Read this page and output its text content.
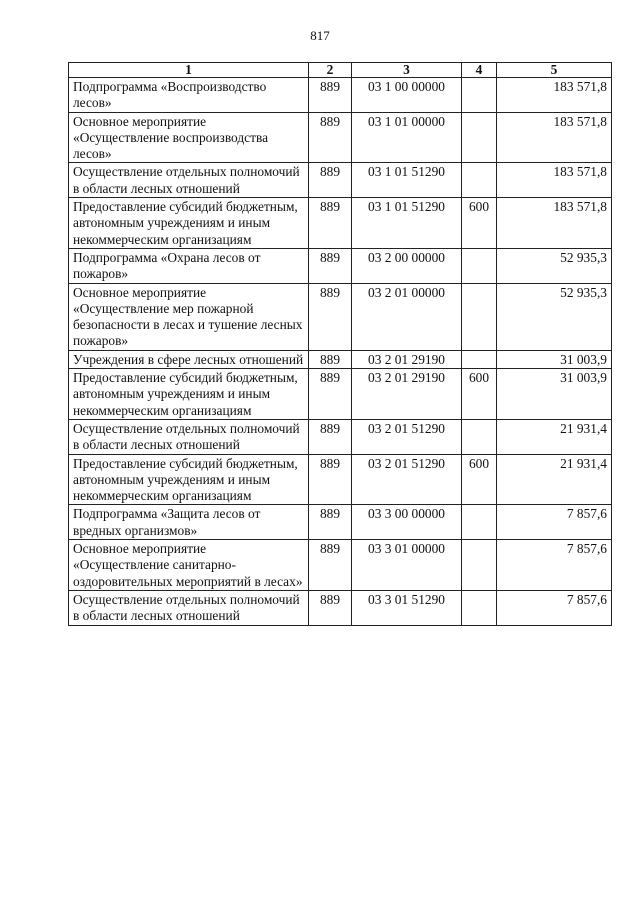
817
1	2	3	4	5
Подпрограмма «Воспроизводство лесов»	889	03 1 00 00000		183 571,8
Основное мероприятие «Осуществление воспроизводства лесов»	889	03 1 01 00000		183 571,8
Осуществление отдельных полномочий в области лесных отношений	889	03 1 01 51290		183 571,8
Предоставление субсидий бюджетным, автономным учреждениям и иным некоммерческим организациям	889	03 1 01 51290	600	183 571,8
Подпрограмма «Охрана лесов от пожаров»	889	03 2 00 00000		52 935,3
Основное мероприятие «Осуществление мер пожарной безопасности в лесах и тушение лесных пожаров»	889	03 2 01 00000		52 935,3
Учреждения в сфере лесных отношений	889	03 2 01 29190		31 003,9
Предоставление субсидий бюджетным, автономным учреждениям и иным некоммерческим организациям	889	03 2 01 29190	600	31 003,9
Осуществление отдельных полномочий в области лесных отношений	889	03 2 01 51290		21 931,4
Предоставление субсидий бюджетным, автономным учреждениям и иным некоммерческим организациям	889	03 2 01 51290	600	21 931,4
Подпрограмма «Защита лесов от вредных организмов»	889	03 3 00 00000		7 857,6
Основное мероприятие «Осуществление санитарно-оздоровительных мероприятий в лесах»	889	03 3 01 00000		7 857,6
Осуществление отдельных полномочий в области лесных отношений	889	03 3 01 51290		7 857,6
